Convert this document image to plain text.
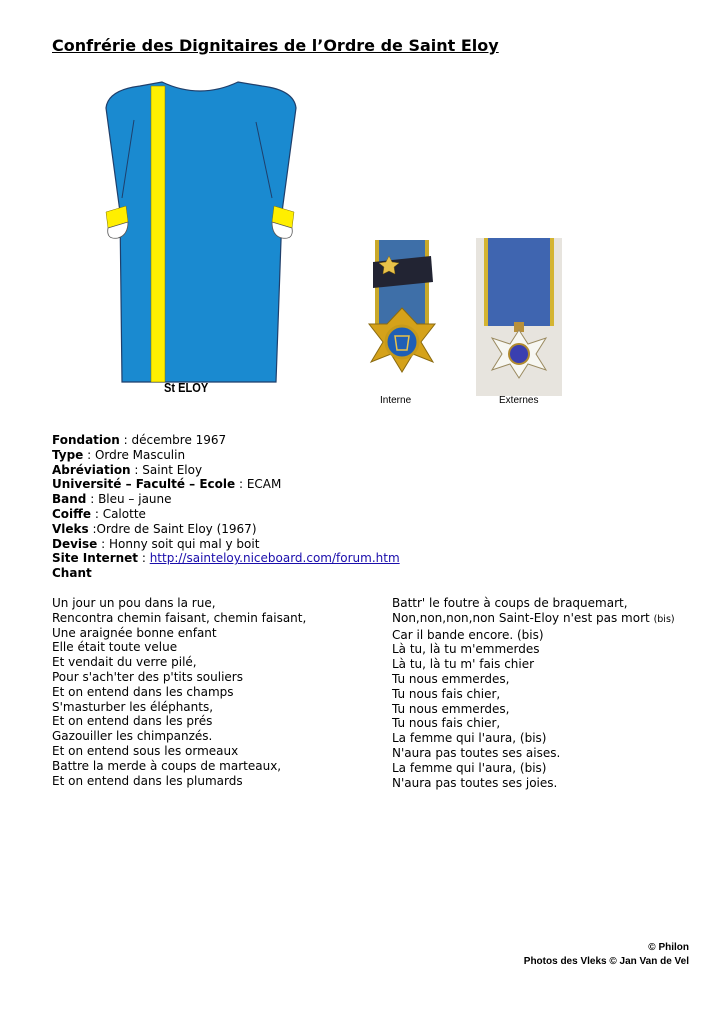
Confrérie des Dignitaires de l’Ordre de Saint Eloy
St ELOY
Interne	Externes
Fondation : décembre 1967
Type : Ordre Masculin
Abréviation : Saint Eloy
Université – Faculté – Ecole : ECAM
Band : Bleu – jaune
Coiffe : Calotte
Vleks :Ordre de Saint Eloy (1967)
Devise : Honny soit qui mal y boit
Site Internet : http://sainteloy.niceboard.com/forum.htm
Chant
Un jour un pou dans la rue,
Rencontra chemin faisant, chemin faisant,
Une araignée bonne enfant
Elle était toute velue
Et vendait du verre pilé,
Pour s'ach'ter des p'tits souliers
Et on entend dans les champs
S'masturber les éléphants,
Et on entend dans les prés
Gazouiller les chimpanzés.
Et on entend sous les ormeaux
Battre la merde à coups de marteaux,
Et on entend dans les plumards
Battr' le foutre à coups de braquemart,
Non,non,non,non Saint-Eloy n'est pas mort (bis)
Car il bande encore. (bis)
Là tu, là tu m'emmerdes
Là tu, là tu m' fais chier
Tu nous emmerdes,
Tu nous fais chier,
Tu nous emmerdes,
Tu nous fais chier,
La femme qui l'aura, (bis)
N'aura pas toutes ses aises.
La femme qui l'aura, (bis)
N'aura pas toutes ses joies.
© Philon
Photos des Vleks © Jan Van de Vel
